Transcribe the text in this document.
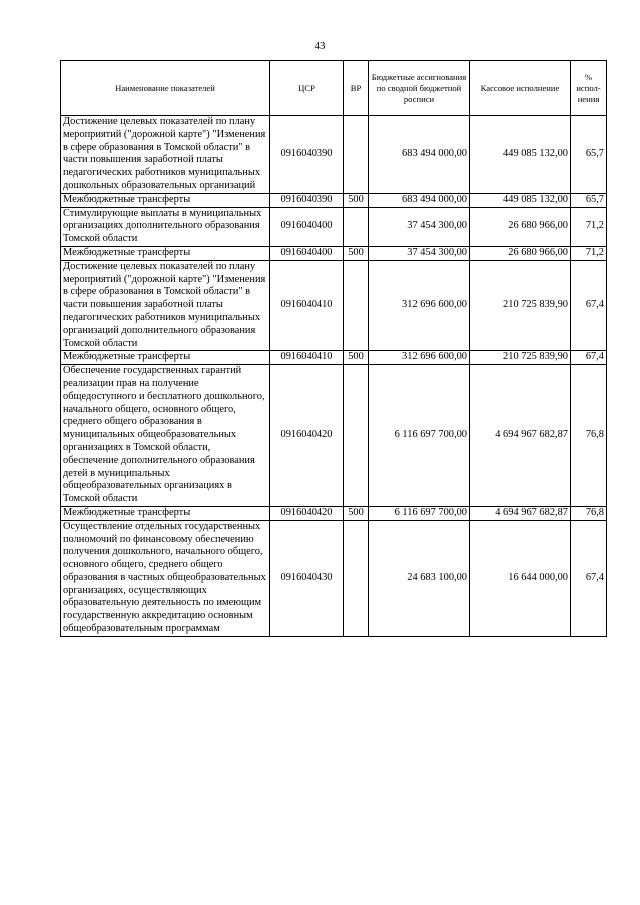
43
Наименование показателей	ЦСР	ВР	Бюджетные ассигнования по сводной бюджетной росписи	Кассовое исполнение	% испол-нения
Достижение целевых показателей по плану мероприятий ("дорожной карте") "Изменения в сфере образования в Томской области" в части повышения заработной платы педагогических работников муниципальных дошкольных образовательных организаций	0916040390		683 494 000,00	449 085 132,00	65,7
Межбюджетные трансферты	0916040390	500	683 494 000,00	449 085 132,00	65,7
Стимулирующие выплаты в муниципальных организациях дополнительного образования Томской области	0916040400		37 454 300,00	26 680 966,00	71,2
Межбюджетные трансферты	0916040400	500	37 454 300,00	26 680 966,00	71,2
Достижение целевых показателей по плану мероприятий ("дорожной карте") "Изменения в сфере образования в Томской области" в части повышения заработной платы педагогических работников муниципальных организаций дополнительного образования Томской области	0916040410		312 696 600,00	210 725 839,90	67,4
Межбюджетные трансферты	0916040410	500	312 696 600,00	210 725 839,90	67,4
Обеспечение государственных гарантий реализации прав на получение общедоступного и бесплатного дошкольного, начального общего, основного общего, среднего общего образования в муниципальных общеобразовательных организациях в Томской области, обеспечение дополнительного образования детей в муниципальных общеобразовательных организациях в Томской области	0916040420		6 116 697 700,00	4 694 967 682,87	76,8
Межбюджетные трансферты	0916040420	500	6 116 697 700,00	4 694 967 682,87	76,8
Осуществление отдельных государственных полномочий по финансовому обеспечению получения дошкольного, начального общего, основного общего, среднего общего образования в частных общеобразовательных организациях, осуществляющих образовательную деятельность по имеющим государственную аккредитацию основным общеобразовательным программам	0916040430		24 683 100,00	16 644 000,00	67,4
